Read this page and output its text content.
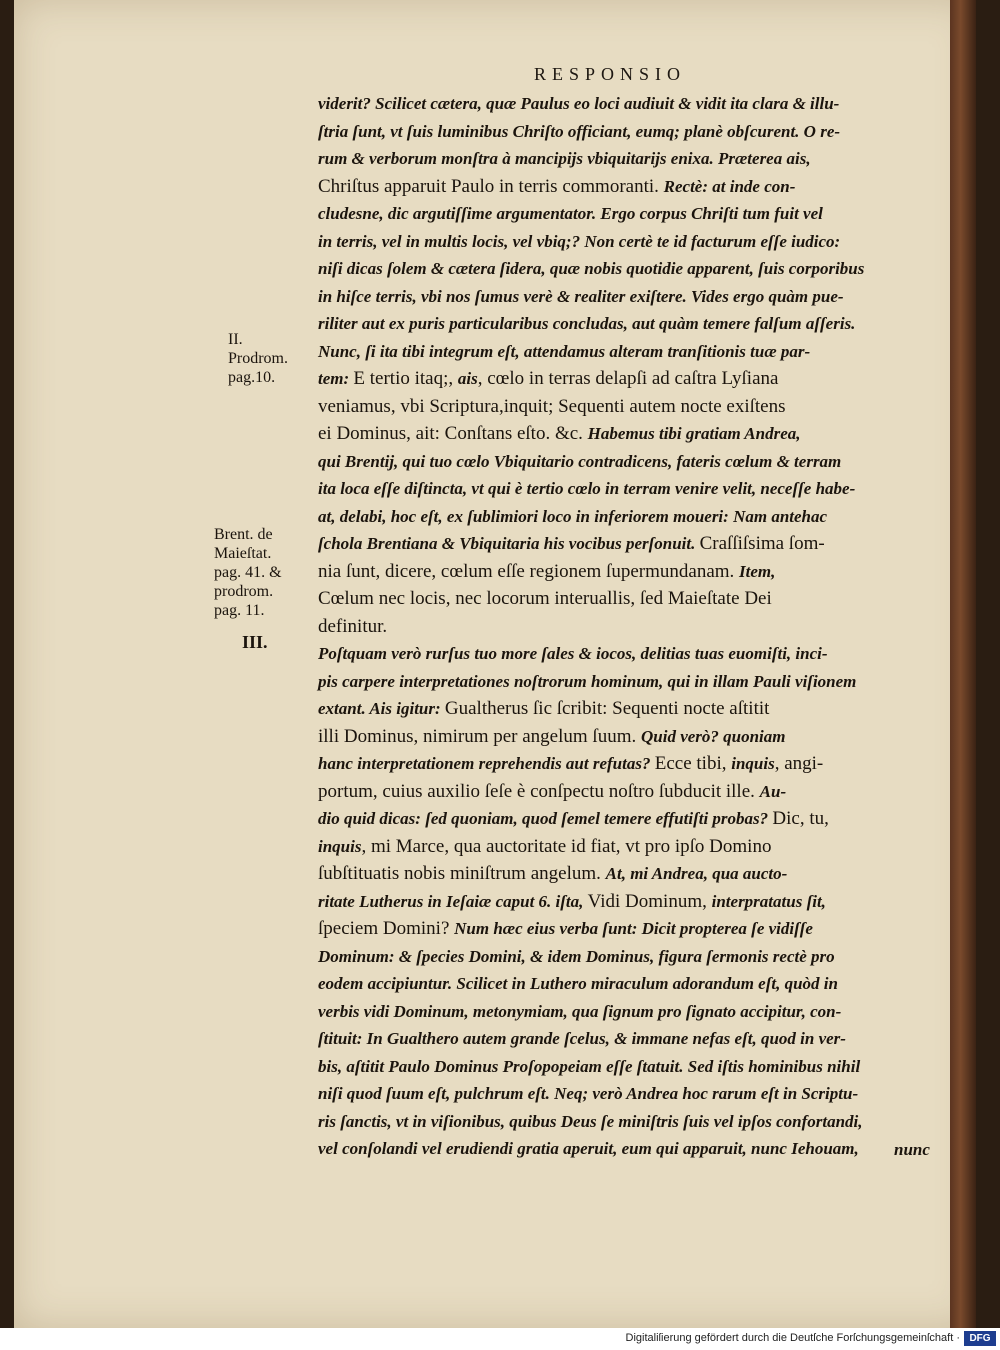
RESPONSIO
viderit? Scilicet cætera, quæ Paulus eo loci audiuit & vidit ita clara & illu-
ſtria ſunt, vt ſuis luminibus Chriſto officiant, eumq; planè obſcurent. O re-
rum & verborum monſtra à mancipijs vbiquitarijs enixa. Præterea ais,
Chriſtus apparuit Paulo in terris commoranti. Rectè: at inde con-
cludesne, dic argutiſſime argumentator. Ergo corpus Chriſti tum fuit vel
in terris, vel in multis locis, vel vbiq;? Non certè te id facturum eſſe iudico:
niſi dicas ſolem & cætera ſidera, quæ nobis quotidie apparent, ſuis corporibus
in hiſce terris, vbi nos ſumus verè & realiter exiſtere. Vides ergo quàm pue-
riliter aut ex puris particularibus concludas, aut quàm temere falſum aſſeris.
Nunc, ſi ita tibi integrum eſt, attendamus alteram tranſitionis tuæ par-
tem: E tertio itaq;, ais, cœlo in terras delapſi ad caſtra Lyſiana
veniamus, vbi Scriptura,inquit; Sequenti autem nocte exiſtens
ei Dominus, ait: Conſtans eſto. &c. Habemus tibi gratiam Andrea,
qui Brentij, qui tuo cœlo Vbiquitario contradicens, fateris cœlum & terram
ita loca eſſe diſtincta, vt qui è tertio cœlo in terram venire velit, neceſſe habe-
at, delabi, hoc eſt, ex ſublimiori loco in inferiorem moueri: Nam antehac
ſchola Brentiana & Vbiquitaria his vocibus perſonuit. Craſſiſsima ſom-
nia ſunt, dicere, cœlum eſſe regionem ſupermundanam. Item,
Cœlum nec locis, nec locorum interuallis, ſed Maieſtate Dei
definitur.
Poſtquam verò rurſus tuo more ſales & iocos, delitias tuas euomiſti, inci-
pis carpere interpretationes noſtrorum hominum, qui in illam Pauli viſionem
extant. Ais igitur: Gualtherus ſic ſcribit: Sequenti nocte aſtitit
illi Dominus, nimirum per angelum ſuum. Quid verò? quoniam
hanc interpretationem reprehendis aut refutas? Ecce tibi, inquis, angi-
portum, cuius auxilio ſeſe è conſpectu noſtro ſubducit ille. Au-
dio quid dicas: ſed quoniam, quod ſemel temere effutiſti probas? Dic, tu,
inquis, mi Marce, qua auctoritate id fiat, vt pro ipſo Domino
ſubſtituatis nobis miniſtrum angelum. At, mi Andrea, qua aucto-
ritate Lutherus in Ieſaiæ caput 6. iſta, Vidi Dominum, interpratatus ſit,
ſpeciem Domini? Num hæc eius verba ſunt: Dicit propterea ſe vidiſſe
Dominum: & ſpecies Domini, & idem Dominus, figura ſermonis rectè pro
eodem accipiuntur. Scilicet in Luthero miraculum adorandum eſt, quòd in
verbis vidi Dominum, metonymiam, qua ſignum pro ſignato accipitur, con-
ſtituit: In Gualthero autem grande ſcelus, & immane nefas eſt, quod in ver-
bis, aſtitit Paulo Dominus Proſopopeiam eſſe ſtatuit. Sed iſtis hominibus nihil
niſi quod ſuum eſt, pulchrum eſt. Neq; verò Andrea hoc rarum eſt in Scriptu-
ris ſanctis, vt in viſionibus, quibus Deus ſe miniſtris ſuis vel ipſos confortandi,
vel conſolandi vel erudiendi gratia aperuit, eum qui apparuit, nunc Iehouam,
II.
Prodrom.
pag.10.
Brent. de
Maieſtat.
pag. 41. &
prodrom.
pag. 11.
III.
nunc
Digitaliſierung gefördert durch die Deutſche Forſchungsgemeinſchaft · DFG
